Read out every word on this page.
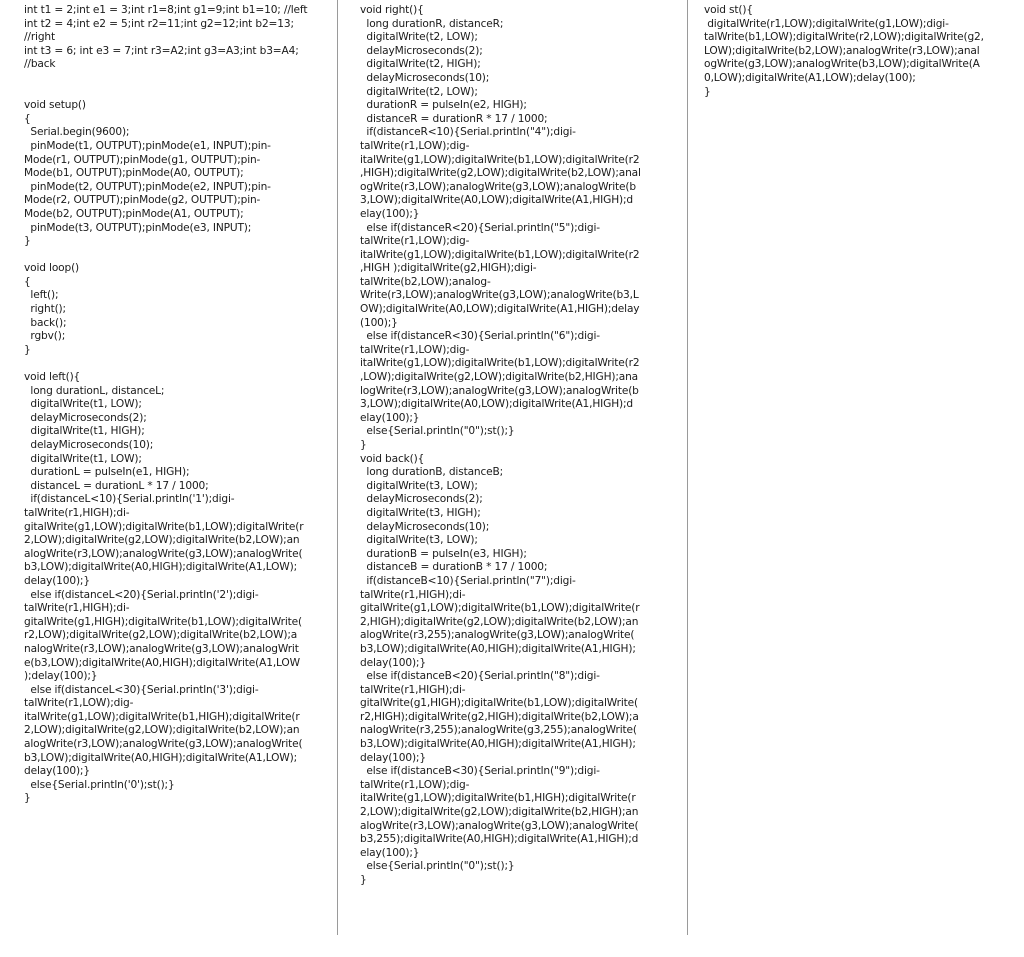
int t1 = 2;int e1 = 3;int r1=8;int g1=9;int b1=10; //left
int t2 = 4;int e2 = 5;int r2=11;int g2=12;int b2=13;
//right
int t3 = 6; int e3 = 7;int r3=A2;int g3=A3;int b3=A4;
//back

void setup()
{
Serial.begin(9600);
pinMode(t1, OUTPUT);pinMode(e1, INPUT);pin-
Mode(r1, OUTPUT);pinMode(g1, OUTPUT);pin-
Mode(b1, OUTPUT);pinMode(A0, OUTPUT);
pinMode(t2, OUTPUT);pinMode(e2, INPUT);pin-
Mode(r2, OUTPUT);pinMode(g2, OUTPUT);pin-
Mode(b2, OUTPUT);pinMode(A1, OUTPUT);
pinMode(t3, OUTPUT);pinMode(e3, INPUT);
}

void loop()
{
left();
right();
back();
rgbv();
}

void left(){
long durationL, distanceL;
digitalWrite(t1, LOW);
delayMicroseconds(2);
digitalWrite(t1, HIGH);
delayMicroseconds(10);
digitalWrite(t1, LOW);
durationL = pulseIn(e1, HIGH);
distanceL = durationL * 17 / 1000;
if(distanceL<10){Serial.println('1');digi-
talWrite(r1,HIGH);di-
gitalWrite(g1,LOW);digitalWrite(b1,LOW);digitalWrite(r
2,LOW);digitalWrite(g2,LOW);digitalWrite(b2,LOW);an
alogWrite(r3,LOW);analogWrite(g3,LOW);analogWrite(
b3,LOW);digitalWrite(A0,HIGH);digitalWrite(A1,LOW);
delay(100);}
else if(distanceL<20){Serial.println('2');digi-
talWrite(r1,HIGH);di-
gitalWrite(g1,HIGH);digitalWrite(b1,LOW);digitalWrite(
r2,LOW);digitalWrite(g2,LOW);digitalWrite(b2,LOW);a
nalogWrite(r3,LOW);analogWrite(g3,LOW);analogWrit
e(b3,LOW);digitalWrite(A0,HIGH);digitalWrite(A1,LOW
);delay(100);}
else if(distanceL<30){Serial.println('3');digi-
talWrite(r1,LOW);dig-
italWrite(g1,LOW);digitalWrite(b1,HIGH);digitalWrite(r
2,LOW);digitalWrite(g2,LOW);digitalWrite(b2,LOW);an
alogWrite(r3,LOW);analogWrite(g3,LOW);analogWrite(
b3,LOW);digitalWrite(A0,HIGH);digitalWrite(A1,LOW);
delay(100);}
else{Serial.println('0');st();}
}

void right(){
long durationR, distanceR;
digitalWrite(t2, LOW);
delayMicroseconds(2);
digitalWrite(t2, HIGH);
delayMicroseconds(10);
digitalWrite(t2, LOW);
durationR = pulseIn(e2, HIGH);
distanceR = durationR * 17 / 1000;
if(distanceR<10){Serial.println("4");digi-
talWrite(r1,LOW);dig-
italWrite(g1,LOW);digitalWrite(b1,LOW);digitalWrite(r2
,HIGH);digitalWrite(g2,LOW);digitalWrite(b2,LOW);anal
ogWrite(r3,LOW);analogWrite(g3,LOW);analogWrite(b
3,LOW);digitalWrite(A0,LOW);digitalWrite(A1,HIGH);d
elay(100);}
else if(distanceR<20){Serial.println("5");digi-
talWrite(r1,LOW);dig-
italWrite(g1,LOW);digitalWrite(b1,LOW);digitalWrite(r2
,HIGH );digitalWrite(g2,HIGH);digi-
talWrite(b2,LOW);analog-
Write(r3,LOW);analogWrite(g3,LOW);analogWrite(b3,L
OW);digitalWrite(A0,LOW);digitalWrite(A1,HIGH);delay
(100);}
else if(distanceR<30){Serial.println("6");digi-
talWrite(r1,LOW);dig-
italWrite(g1,LOW);digitalWrite(b1,LOW);digitalWrite(r2
,LOW);digitalWrite(g2,LOW);digitalWrite(b2,HIGH);ana
logWrite(r3,LOW);analogWrite(g3,LOW);analogWrite(b
3,LOW);digitalWrite(A0,LOW);digitalWrite(A1,HIGH);d
elay(100);}
else{Serial.println("0");st();}
}
void back(){
long durationB, distanceB;
digitalWrite(t3, LOW);
delayMicroseconds(2);
digitalWrite(t3, HIGH);
delayMicroseconds(10);
digitalWrite(t3, LOW);
durationB = pulseIn(e3, HIGH);
distanceB = durationB * 17 / 1000;
if(distanceB<10){Serial.println("7");digi-
talWrite(r1,HIGH);di-
gitalWrite(g1,LOW);digitalWrite(b1,LOW);digitalWrite(r
2,HIGH);digitalWrite(g2,LOW);digitalWrite(b2,LOW);an
alogWrite(r3,255);analogWrite(g3,LOW);analogWrite(
b3,LOW);digitalWrite(A0,HIGH);digitalWrite(A1,HIGH);
delay(100);}
else if(distanceB<20){Serial.println("8");digi-
talWrite(r1,HIGH);di-
gitalWrite(g1,HIGH);digitalWrite(b1,LOW);digitalWrite(
r2,HIGH);digitalWrite(g2,HIGH);digitalWrite(b2,LOW);a
nalogWrite(r3,255);analogWrite(g3,255);analogWrite(
b3,LOW);digitalWrite(A0,HIGH);digitalWrite(A1,HIGH);
delay(100);}
else if(distanceB<30){Serial.println("9");digi-
talWrite(r1,LOW);dig-
italWrite(g1,LOW);digitalWrite(b1,HIGH);digitalWrite(r
2,LOW);digitalWrite(g2,LOW);digitalWrite(b2,HIGH);an
alogWrite(r3,LOW);analogWrite(g3,LOW);analogWrite(
b3,255);digitalWrite(A0,HIGH);digitalWrite(A1,HIGH);d
elay(100);}
else{Serial.println("0");st();}
}

void st(){
digitalWrite(r1,LOW);digitalWrite(g1,LOW);digi-
talWrite(b1,LOW);digitalWrite(r2,LOW);digitalWrite(g2,
LOW);digitalWrite(b2,LOW);analogWrite(r3,LOW);anal
ogWrite(g3,LOW);analogWrite(b3,LOW);digitalWrite(A
0,LOW);digitalWrite(A1,LOW);delay(100);
}
